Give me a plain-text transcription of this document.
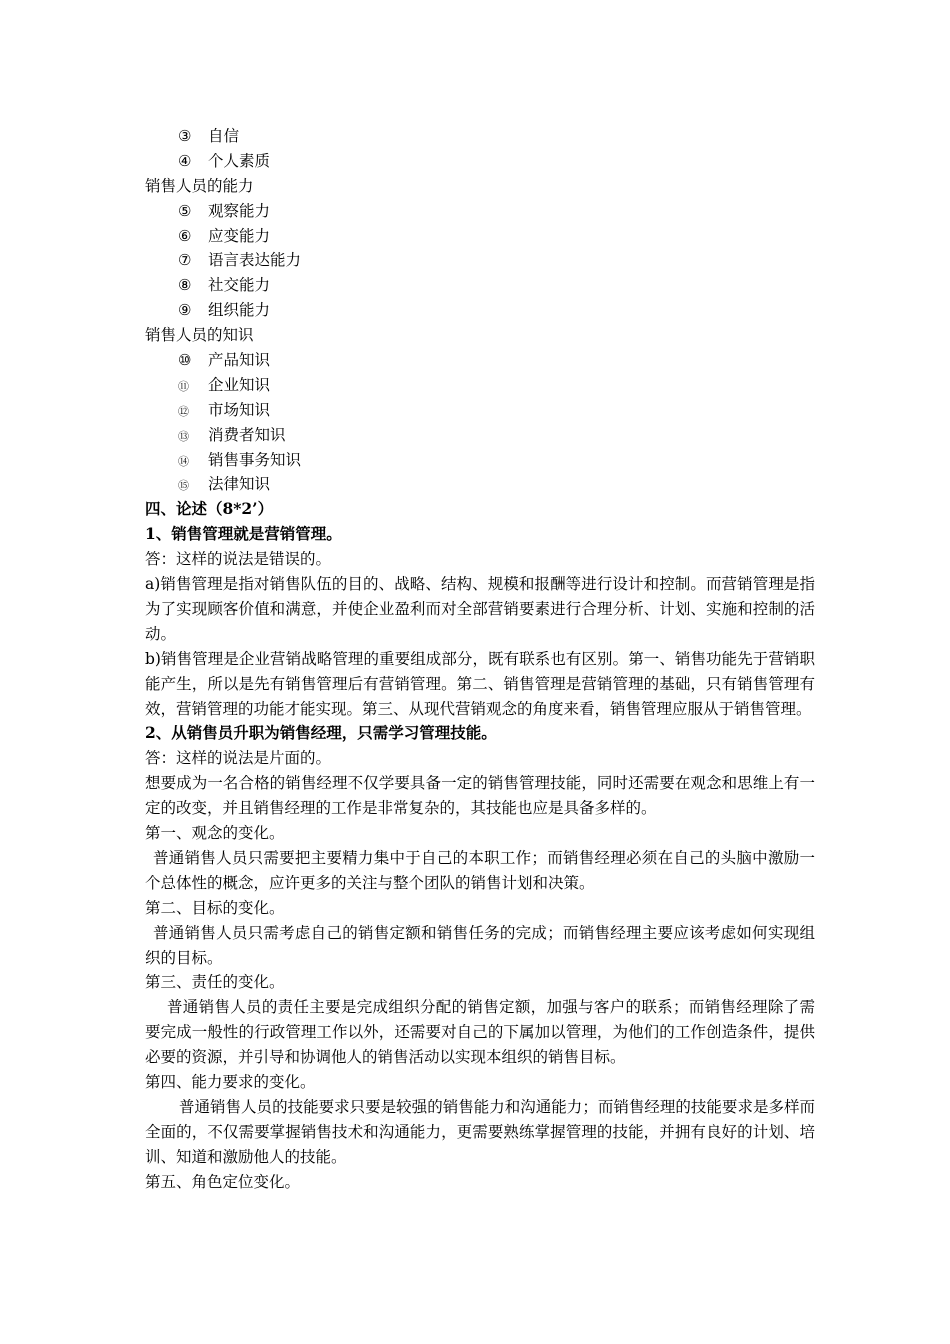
③ 自信
④ 个人素质
销售人员的能力
⑤ 观察能力
⑥ 应变能力
⑦ 语言表达能力
⑧ 社交能力
⑨ 组织能力
销售人员的知识
⑩ 产品知识
⑪ 企业知识
⑫ 市场知识
⑬ 消费者知识
⑭ 销售事务知识
⑮ 法律知识
四、论述（8*2’）
1、销售管理就是营销管理。
答：这样的说法是错误的。
a)销售管理是指对销售队伍的目的、战略、结构、规模和报酬等进行设计和控制。而营销管理是指为了实现顾客价值和满意，并使企业盈利而对全部营销要素进行合理分析、计划、实施和控制的活动。
b)销售管理是企业营销战略管理的重要组成部分，既有联系也有区别。第一、销售功能先于营销职能产生，所以是先有销售管理后有营销管理。第二、销售管理是营销管理的基础，只有销售管理有效，营销管理的功能才能实现。第三、从现代营销观念的角度来看，销售管理应服从于销售管理。
2、从销售员升职为销售经理，只需学习管理技能。
答：这样的说法是片面的。
想要成为一名合格的销售经理不仅学要具备一定的销售管理技能，同时还需要在观念和思维上有一定的改变，并且销售经理的工作是非常复杂的，其技能也应是具备多样的。
第一、观念的变化。
普通销售人员只需要把主要精力集中于自己的本职工作；而销售经理必须在自己的头脑中激励一个总体性的概念，应许更多的关注与整个团队的销售计划和决策。
第二、目标的变化。
普通销售人员只需考虑自己的销售定额和销售任务的完成；而销售经理主要应该考虑如何实现组织的目标。
第三、责任的变化。
普通销售人员的责任主要是完成组织分配的销售定额，加强与客户的联系；而销售经理除了需要完成一般性的行政管理工作以外，还需要对自己的下属加以管理，为他们的工作创造条件，提供必要的资源，并引导和协调他人的销售活动以实现本组织的销售目标。
第四、能力要求的变化。
普通销售人员的技能要求只要是较强的销售能力和沟通能力；而销售经理的技能要求是多样而全面的，不仅需要掌握销售技术和沟通能力，更需要熟练掌握管理的技能，并拥有良好的计划、培训、知道和激励他人的技能。
第五、角色定位变化。
